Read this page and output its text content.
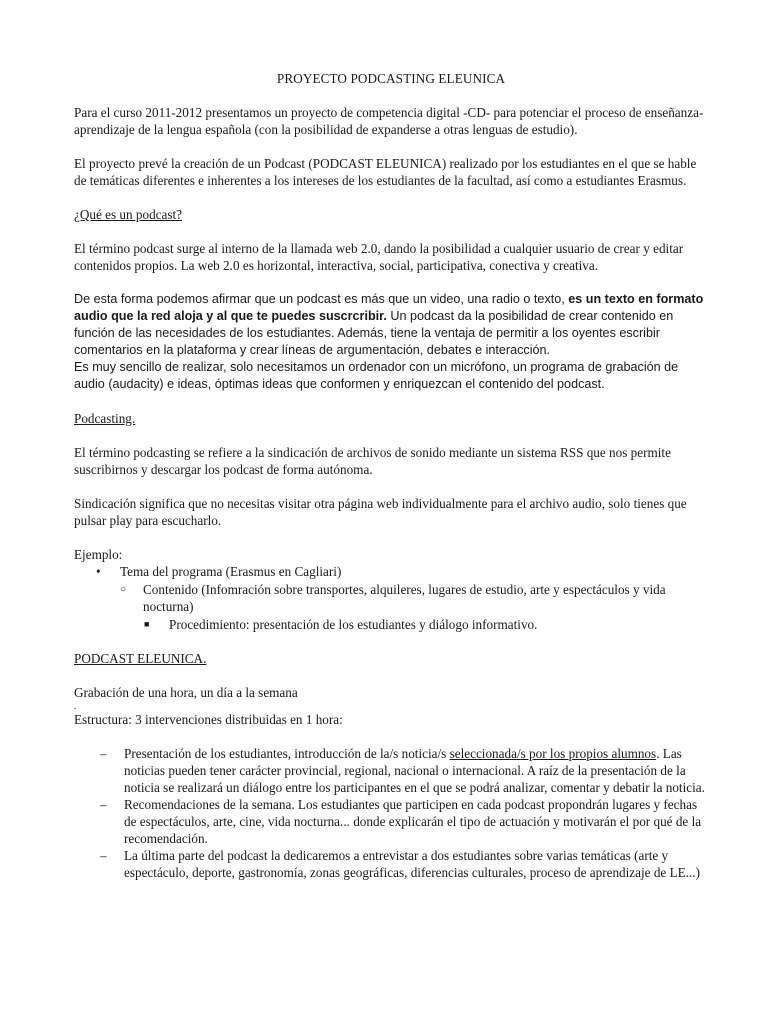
PROYECTO PODCASTING ELEUNICA

Para el curso 2011-2012 presentamos un proyecto de competencia digital -CD- para potenciar el proceso de enseñanza-aprendizaje de la lengua española (con la posibilidad de expanderse a otras lenguas de estudio).

El proyecto prevé la creación de un Podcast (PODCAST ELEUNICA) realizado por los estudiantes en el que se hable de temáticas diferentes e inherentes a los intereses de los estudiantes de la facultad, así como a estudiantes Erasmus.

¿Qué es un podcast?

El término podcast surge al interno de la llamada web 2.0, dando la posibilidad a cualquier usuario de crear y editar contenidos propios. La web 2.0 es horizontal, interactiva, social, participativa, conectiva y creativa.

De esta forma podemos afirmar que un podcast es más que un video, una radio o texto, es un texto en formato audio que la red aloja y al que te puedes suscrcribir. Un podcast da la posibilidad de crear contenido en función de las necesidades de los estudiantes. Además, tiene la ventaja de permitir a los oyentes escribir comentarios en la plataforma y crear líneas de argumentación, debates e interacción.
Es muy sencillo de realizar, solo necesitamos un ordenador con un micrófono, un programa de grabación de audio (audacity) e ideas, óptimas ideas que conformen y enriquezcan el contenido del podcast.

Podcasting.

El término podcasting se refiere a la sindicación de archivos de sonido mediante un sistema RSS que nos permite suscribirnos y descargar los podcast de forma autónoma.

Sindicación significa que no necesitas visitar otra página web individualmente para el archivo audio, solo tienes que pulsar play para escucharlo.

Ejemplo:

• Tema del programa (Erasmus en Cagliari)
○ Contenido (Infomración sobre transportes, alquileres, lugares de estudio, arte y espectáculos y vida nocturna)
■ Procedimiento: presentación de los estudiantes y diálogo informativo.

PODCAST ELEUNICA.

Grabación de una hora, un día a la semana

.

Estructura: 3 intervenciones distribuidas en 1 hora:

– Presentación de los estudiantes, introducción de la/s noticia/s seleccionada/s por los propios alumnos. Las noticias pueden tener carácter provincial, regional, nacional o internacional. A raíz de la presentación de la noticia se realizará un diálogo entre los participantes en el que se podrá analizar, comentar y debatir la noticia.
– Recomendaciones de la semana. Los estudiantes que participen en cada podcast propondrán lugares y fechas de espectáculos, arte, cine, vida nocturna... donde explicarán el tipo de actuación y motivarán el por qué de la recomendación.
– La última parte del podcast la dedicaremos a entrevistar a dos estudiantes sobre varias temáticas (arte y espectáculo, deporte, gastronomía, zonas geográficas, diferencias culturales, proceso de aprendizaje de LE...)
